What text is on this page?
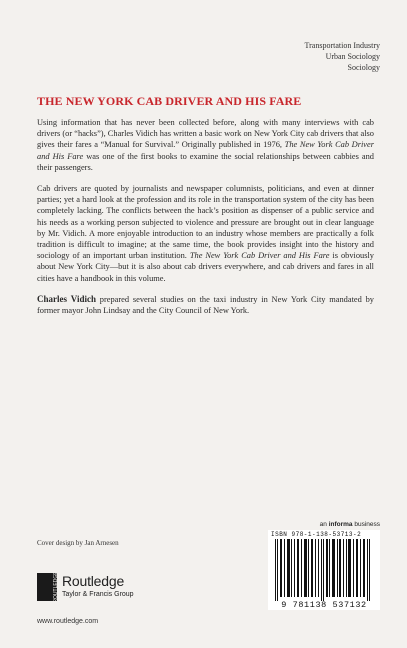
Transportation Industry
Urban Sociology
Sociology
THE NEW YORK CAB DRIVER AND HIS FARE

Using information that has never been collected before, along with many interviews with cab drivers (or “hacks”), Charles Vidich has written a basic work on New York City cab drivers that also gives their fares a “Manual for Survival.” Originally published in 1976, The New York Cab Driver and His Fare was one of the first books to examine the social relationships between cabbies and their passengers.

Cab drivers are quoted by journalists and newspaper columnists, politicians, and even at dinner parties; yet a hard look at the profession and its role in the transportation system of the city has been completely lacking. The conflicts between the hack’s position as dispenser of a public service and his needs as a working person subjected to violence and pressure are brought out in clear language by Mr. Vidich. A more enjoyable introduction to an industry whose members are practically a folk tradition is difficult to imagine; at the same time, the book provides insight into the history and sociology of an important urban institution. The New York Cab Driver and His Fare is obviously about New York City—but it is also about cab drivers everywhere, and cab drivers and fares in all cities have a handbook in this volume.

Charles Vidich prepared several studies on the taxi industry in New York City mandated by former mayor John Lindsay and the City Council of New York.

Cover design by Jan Arnesen
an informa business
ISBN 978-1-138-53713-2
9 781138 537132
ROUTLEDGE Routledge
Taylor & Francis Group
www.routledge.com
